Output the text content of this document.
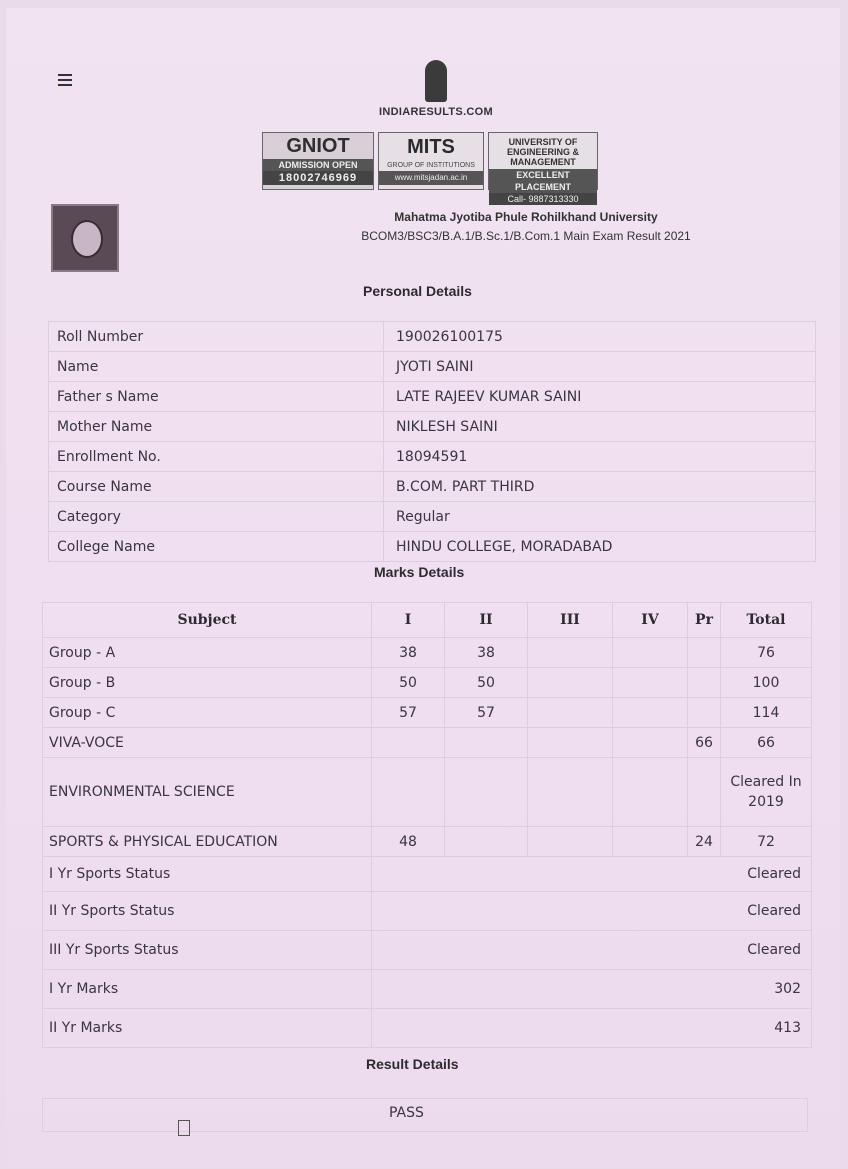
INDIARESULTS.COM
GNIOT
ADMISSION OPEN
18002746969
MITS
GROUP OF INSTITUTIONS
www.mitsjadan.ac.in
UNIVERSITY OF ENGINEERING & MANAGEMENT
EXCELLENT PLACEMENT
Call- 9887313330
Mahatma Jyotiba Phule Rohilkhand University
BCOM3/BSC3/B.A.1/B.Sc.1/B.Com.1 Main Exam Result 2021
Personal Details
Roll Number	190026100175
Name	JYOTI SAINI
Father s Name	LATE RAJEEV KUMAR SAINI
Mother Name	NIKLESH SAINI
Enrollment No.	18094591
Course Name	B.COM. PART THIRD
Category	Regular
College Name	HINDU COLLEGE, MORADABAD
Marks Details
Subject	I	II	III	IV	Pr	Total
Group - A	38	38				76
Group - B	50	50				100
Group - C	57	57				114
VIVA-VOCE					66	66
ENVIRONMENTAL SCIENCE						Cleared In 2019
SPORTS & PHYSICAL EDUCATION	48				24	72
I Yr Sports Status	Cleared					
II Yr Sports Status	Cleared					
III Yr Sports Status	Cleared					
I Yr Marks	302					
II Yr Marks	413					
Result Details
PASS
